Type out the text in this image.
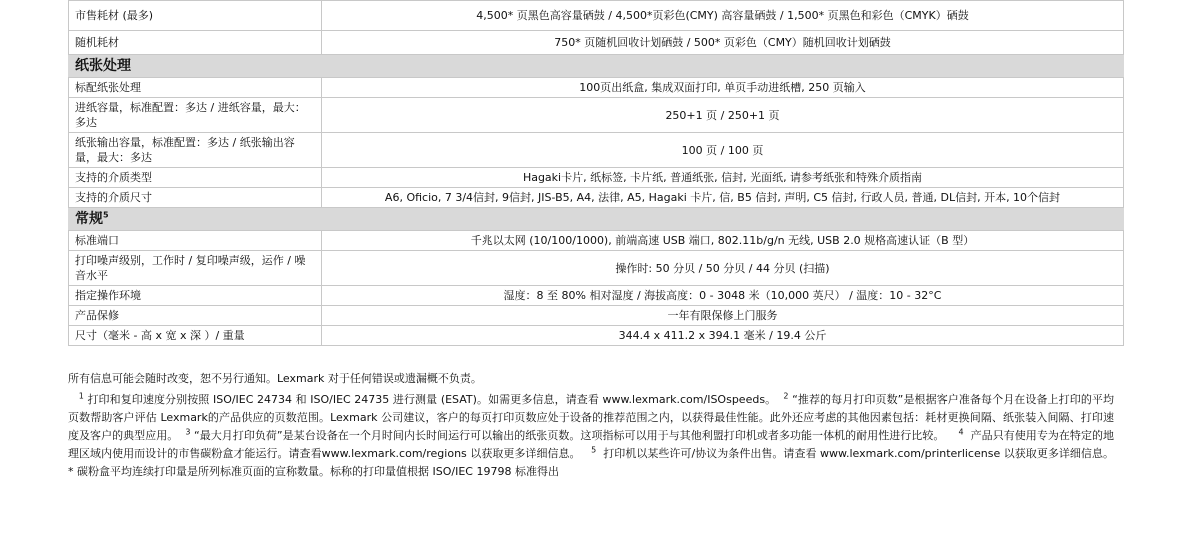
市售耗材 (最多)	4,500* 页黑色高容量硒鼓 / 4,500*页彩色(CMY) 高容量硒鼓 / 1,500* 页黑色和彩色（CMYK）硒鼓
随机耗材	750* 页随机回收计划硒鼓 / 500* 页彩色（CMY）随机回收计划硒鼓
纸张处理	
标配纸张处理	100页出纸盒, 集成双面打印, 单页手动进纸槽, 250 页输入
进纸容量，标准配置：多达 / 进纸容量，最大：多达	250+1 页 / 250+1 页
纸张输出容量，标准配置：多达 / 纸张输出容量，最大：多达	100 页 / 100 页
支持的介质类型	Hagaki卡片, 纸标签, 卡片纸, 普通纸张, 信封, 光面纸, 请参考纸张和特殊介质指南
支持的介质尺寸	A6, Oficio, 7 3/4信封, 9信封, JIS-B5, A4, 法律, A5, Hagaki 卡片, 信, B5 信封, 声明, C5 信封, 行政人员, 普通, DL信封, 开本, 10个信封
常规$^5$
标准端口	千兆以太网 (10/100/1000), 前端高速 USB 端口, 802.11b/g/n 无线, USB 2.0 规格高速认证（B 型）
打印噪声级别，工作时 / 复印噪声级，运作 / 噪音水平	操作时: 50 分贝 / 50 分贝 / 44 分贝 (扫描)
指定操作环境	湿度：8 至 80% 相对湿度 / 海拔高度：0 - 3048 米（10,000 英尺） / 温度：10 - 32°C
产品保修	一年有限保修上门服务
尺寸（毫米 - 高 x 宽 x 深 ）/ 重量	344.4 x 411.2 x 394.1 毫米 / 19.4 公斤

所有信息可能会随时改变，恕不另行通知。Lexmark 对于任何错误或遗漏概不负责。

$^1$ 打印和复印速度分别按照 ISO/IEC 24734 和 ISO/IEC 24735 进行测量 (ESAT)。如需更多信息，请查看 www.lexmark.com/ISOspeeds。 $^2$ “推荐的每月打印页数”是根据客户准备每个月在设备上打印的平均页数帮助客户评估 Lexmark的产品供应的页数范围。Lexmark 公司建议，客户的每页打印页数应处于设备的推荐范围之内，以获得最佳性能。此外还应考虑的其他因素包括：耗材更换间隔、纸张装入间隔、打印速度及客户的典型应用。 $^3$ “最大月打印负荷”是某台设备在一个月时间内长时间运行可以输出的纸张页数。这项指标可以用于与其他利盟打印机或者多功能一体机的耐用性进行比较。 $^4$ 产品只有使用专为在特定的地理区域内使用而设计的市售碳粉盒才能运行。请查看www.lexmark.com/regions 以获取更多详细信息。 $^5$ 打印机以某些许可/协议为条件出售。请查看 www.lexmark.com/printerlicense 以获取更多详细信息。 * 碳粉盒平均连续打印量是所列标准页面的宣称数量。标称的打印量值根据 ISO/IEC 19798 标准得出
